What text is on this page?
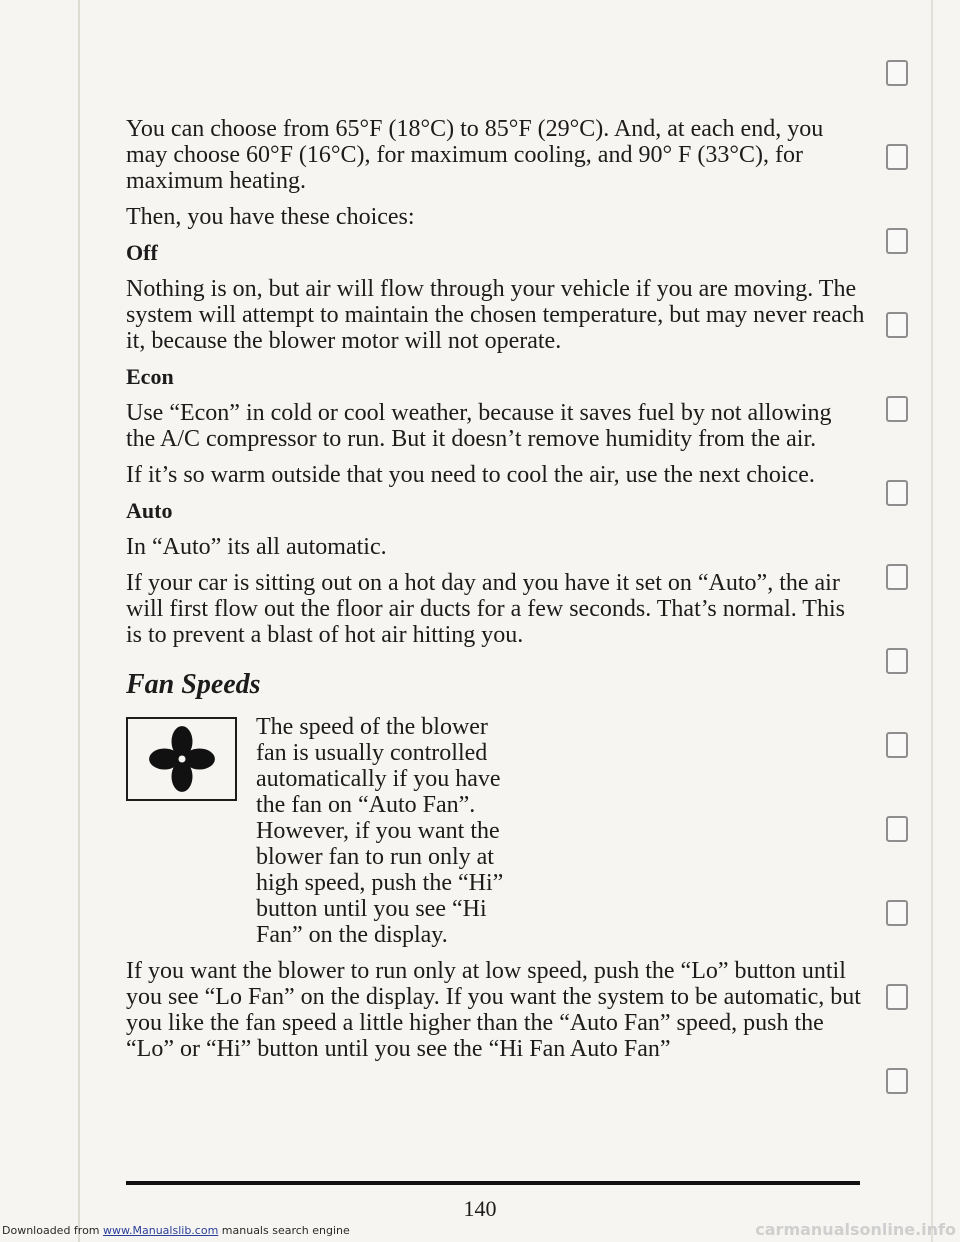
You can choose from 65°F (18°C) to 85°F (29°C). And, at each end, you may choose 60°F (16°C), for maximum cooling, and 90° F (33°C), for maximum heating.

Then, you have these choices:

Off

Nothing is on, but air will flow through your vehicle if you are moving. The system will attempt to maintain the chosen temperature, but may never reach it, because the blower motor will not operate.

Econ

Use “Econ” in cold or cool weather, because it saves fuel by not allowing the A/C compressor to run. But it doesn’t remove humidity from the air.

If it’s so warm outside that you need to cool the air, use the next choice.

Auto

In “Auto” its all automatic.

If your car is sitting out on a hot day and you have it set on “Auto”, the air will first flow out the floor air ducts for a few seconds. That’s normal. This is to prevent a blast of hot air hitting you.

Fan Speeds

The speed of the blower fan is usually controlled automatically if you have the fan on “Auto Fan”. However, if you want the blower fan to run only at high speed, push the “Hi” button until you see “Hi Fan” on the display.

If you want the blower to run only at low speed, push the “Lo” button until you see “Lo Fan” on the display. If you want the system to be automatic, but you like the fan speed a little higher than the “Auto Fan” speed, push the “Lo” or “Hi” button until you see the “Hi Fan Auto Fan”

140
Downloaded from www.Manualslib.com manuals search engine	carmanualsonline.info
